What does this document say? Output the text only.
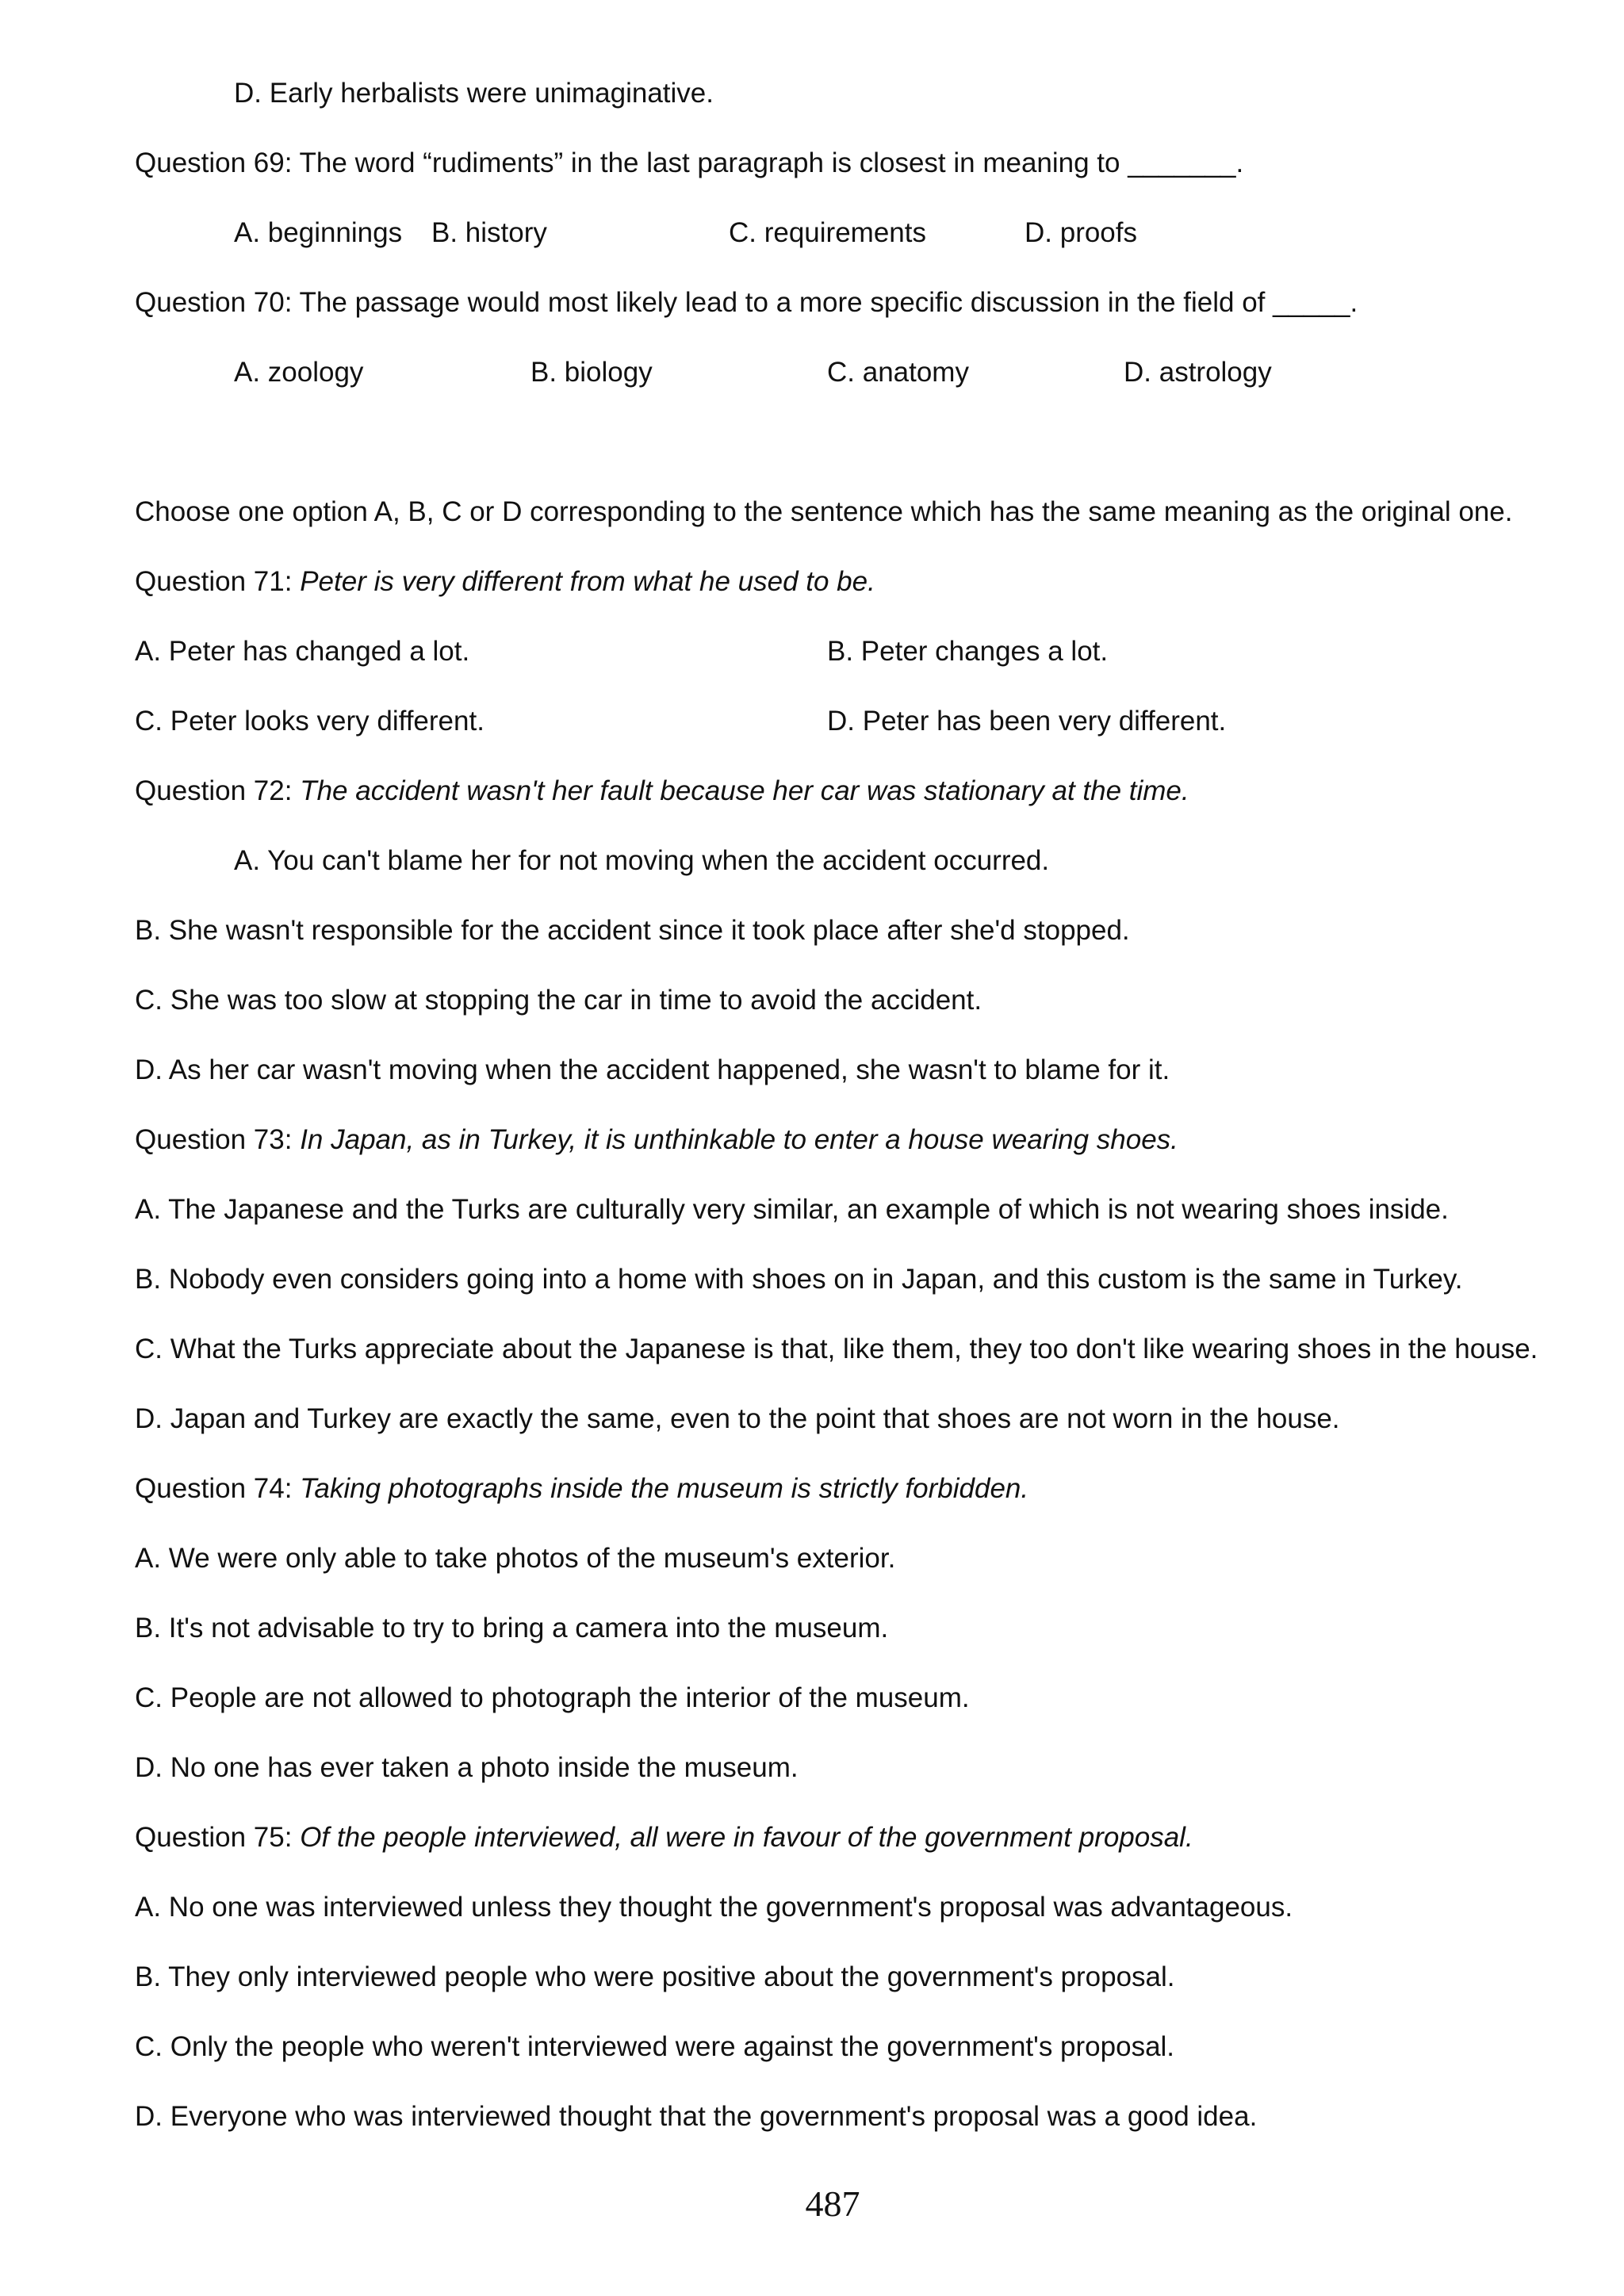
D. Early herbalists were unimaginative.
Question 69: The word “rudiments” in the last paragraph is closest in meaning to _______.
A. beginnings B. history	C. requirements	D. proofs
Question 70: The passage would most likely lead to a more specific discussion in the field of _____.
A. zoology	B. biology	C. anatomy	D. astrology
Choose one option A, B, C or D corresponding to the sentence which has the same meaning as the original one.
Question 71: Peter is very different from what he used to be.
A. Peter has changed a lot.	B. Peter changes a lot.
C. Peter looks very different.	D. Peter has been very different.
Question 72: The accident wasn't her fault because her car was stationary at the time.
A. You can't blame her for not moving when the accident occurred.
B. She wasn't responsible for the accident since it took place after she'd stopped.
C. She was too slow at stopping the car in time to avoid the accident.
D. As her car wasn't moving when the accident happened, she wasn't to blame for it.
Question 73: In Japan, as in Turkey, it is unthinkable to enter a house wearing shoes.
A. The Japanese and the Turks are culturally very similar, an example of which is not wearing shoes inside.
B. Nobody even considers going into a home with shoes on in Japan, and this custom is the same in Turkey.
C. What the Turks appreciate about the Japanese is that, like them, they too don't like wearing shoes in the house.
D. Japan and Turkey are exactly the same, even to the point that shoes are not worn in the house.
Question 74: Taking photographs inside the museum is strictly forbidden.
A. We were only able to take photos of the museum's exterior.
B. It's not advisable to try to bring a camera into the museum.
C. People are not allowed to photograph the interior of the museum.
D. No one has ever taken a photo inside the museum.
Question 75: Of the people interviewed, all were in favour of the government proposal.
A. No one was interviewed unless they thought the government's proposal was advantageous.
B. They only interviewed people who were positive about the government's proposal.
C. Only the people who weren't interviewed were against the government's proposal.
D. Everyone who was interviewed thought that the government's proposal was a good idea.
487
